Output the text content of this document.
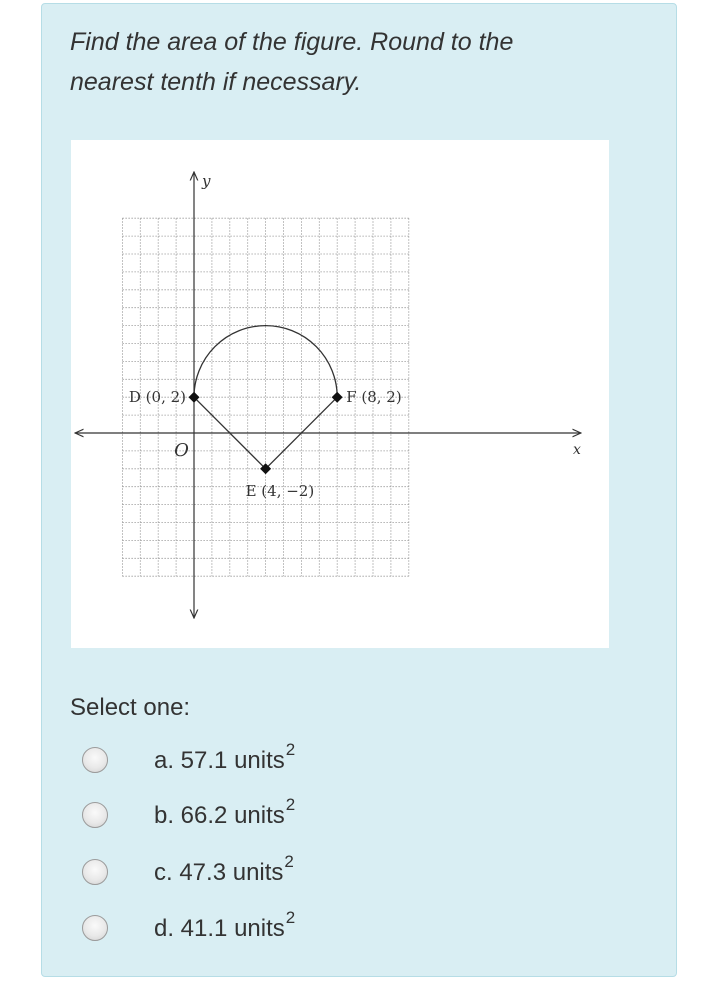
Find the area of the figure. Round to the
nearest tenth if necessary.

y
x
O
D (0, 2)	F (8, 2)
E (4, −2)
Select one:
a. 57.1 units$^2$
b. 66.2 units$^2$
c. 47.3 units$^2$
d. 41.1 units$^2$
